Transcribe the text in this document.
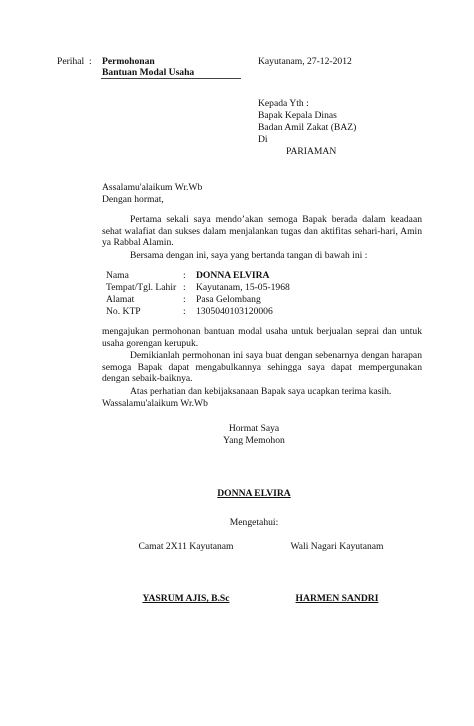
Perihal : Permohonan
Bantuan Modal Usaha
Kayutanam, 27-12-2012
Kepada Yth :
Bapak Kepala Dinas
Badan Amil Zakat (BAZ)
Di
PARIAMAN
Assalamu'alaikum Wr.Wb
Dengan hormat,
Pertama sekali saya mendo’akan semoga Bapak berada dalam keadaan sehat walafiat dan sukses dalam menjalankan tugas dan aktifitas sehari-hari, Amin ya Rabbal Alamin.
Bersama dengan ini, saya yang bertanda tangan di bawah ini :
Nama	: DONNA ELVIRA
Tempat/Tgl. Lahir : Kayutanam, 15-05-1968
Alamat	: Pasa Gelombang
No. KTP	: 1305040103120006
mengajukan permohonan bantuan modal usaha untuk berjualan seprai dan untuk usaha gorengan kerupuk.
Demikianlah permohonan ini saya buat dengan sebenarnya dengan harapan semoga Bapak dapat mengabulkannya sehingga saya dapat mempergunakan dengan sebaik-baiknya.
Atas perhatian dan kebijaksanaan Bapak saya ucapkan terima kasih.
Wassalamu'alaikum Wr.Wb
Hormat Saya
Yang Memohon
DONNA ELVIRA
Mengetahui:
Camat 2X11 Kayutanam	Wali Nagari Kayutanam
YASRUM AJIS, B.Sc	HARMEN SANDRI
